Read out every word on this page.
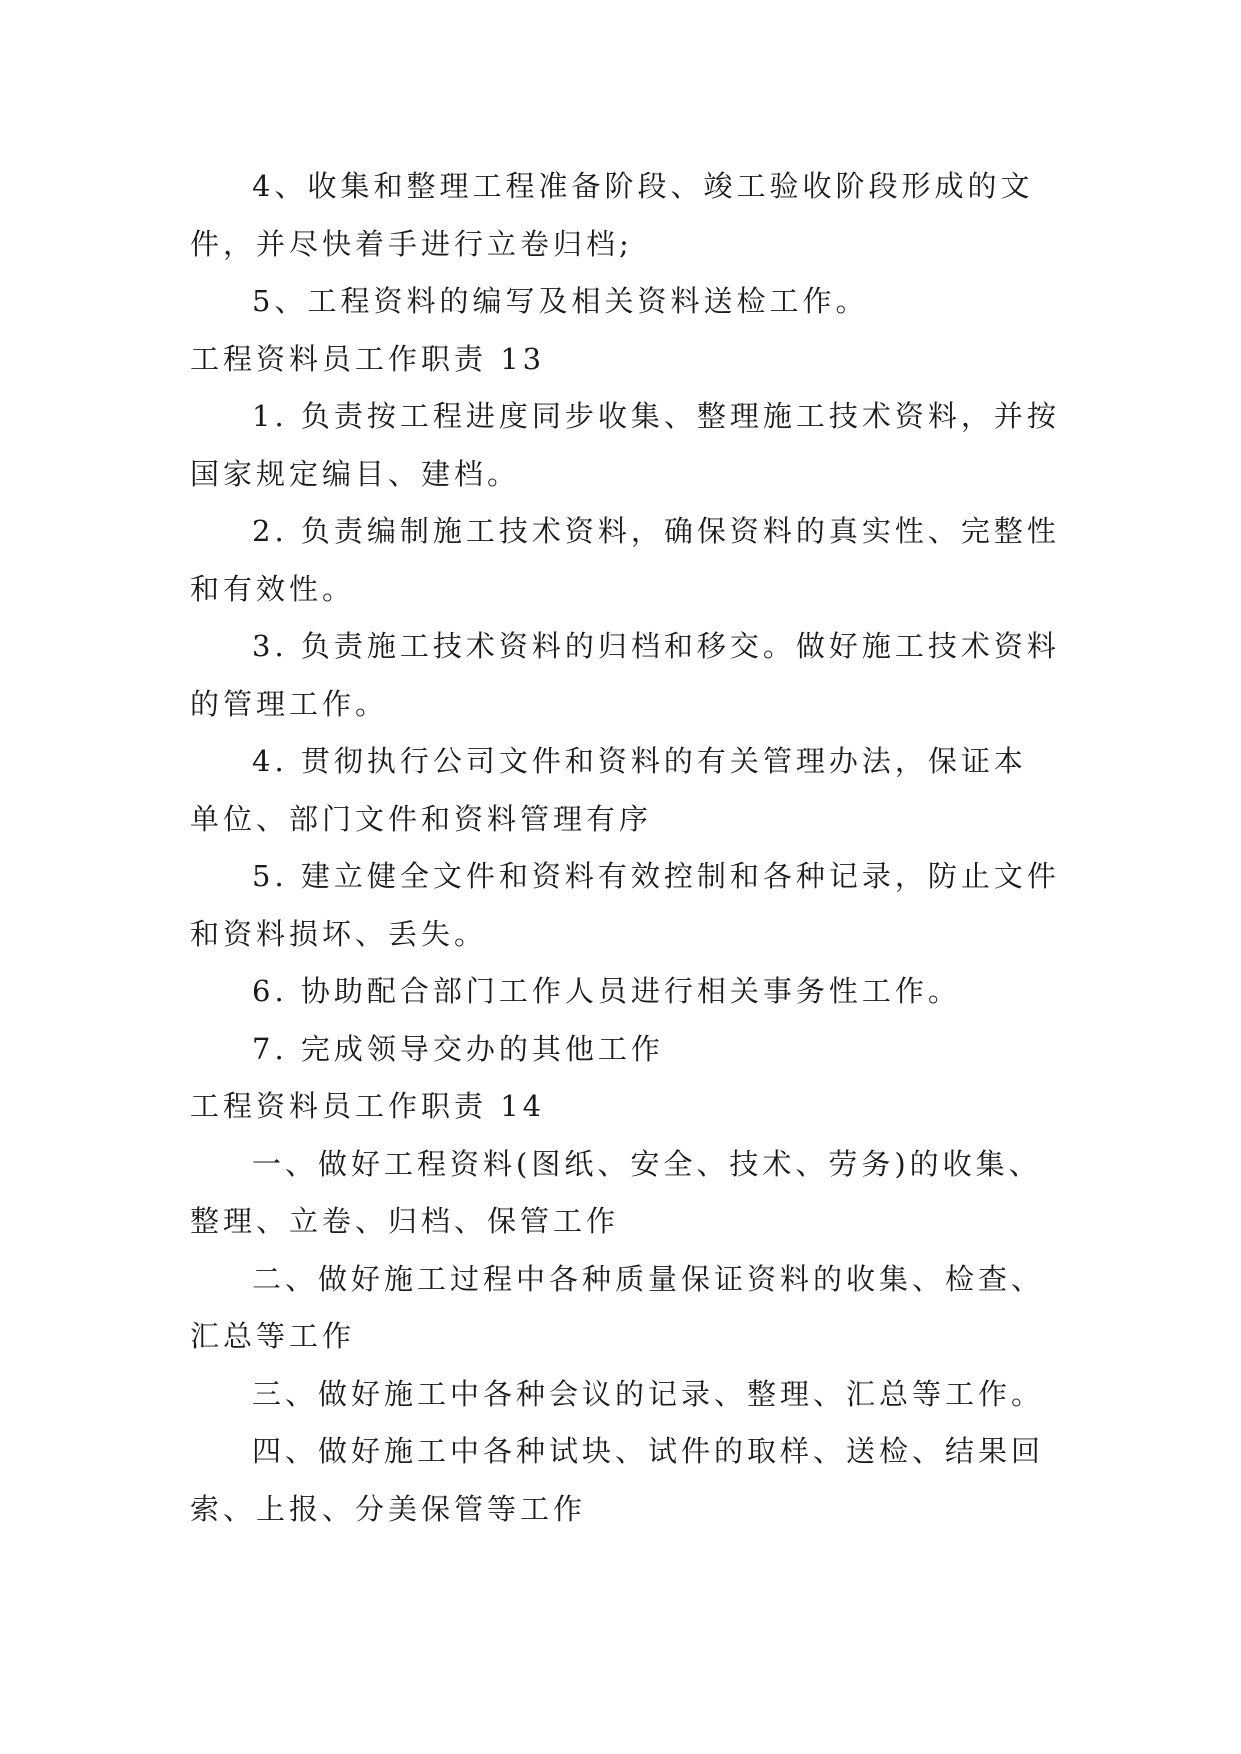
4、收集和整理工程准备阶段、竣工验收阶段形成的文
件，并尽快着手进行立卷归档;
5、工程资料的编写及相关资料送检工作。
工程资料员工作职责 13
1. 负责按工程进度同步收集、整理施工技术资料，并按
国家规定编目、建档。
2. 负责编制施工技术资料，确保资料的真实性、完整性
和有效性。
3. 负责施工技术资料的归档和移交。做好施工技术资料
的管理工作。
4. 贯彻执行公司文件和资料的有关管理办法，保证本
单位、部门文件和资料管理有序
5. 建立健全文件和资料有效控制和各种记录，防止文件
和资料损坏、丢失。
6. 协助配合部门工作人员进行相关事务性工作。
7. 完成领导交办的其他工作
工程资料员工作职责 14
一、做好工程资料(图纸、安全、技术、劳务)的收集、
整理、立卷、归档、保管工作
二、做好施工过程中各种质量保证资料的收集、检查、
汇总等工作
三、做好施工中各种会议的记录、整理、汇总等工作。
四、做好施工中各种试块、试件的取样、送检、结果回
索、上报、分美保管等工作
